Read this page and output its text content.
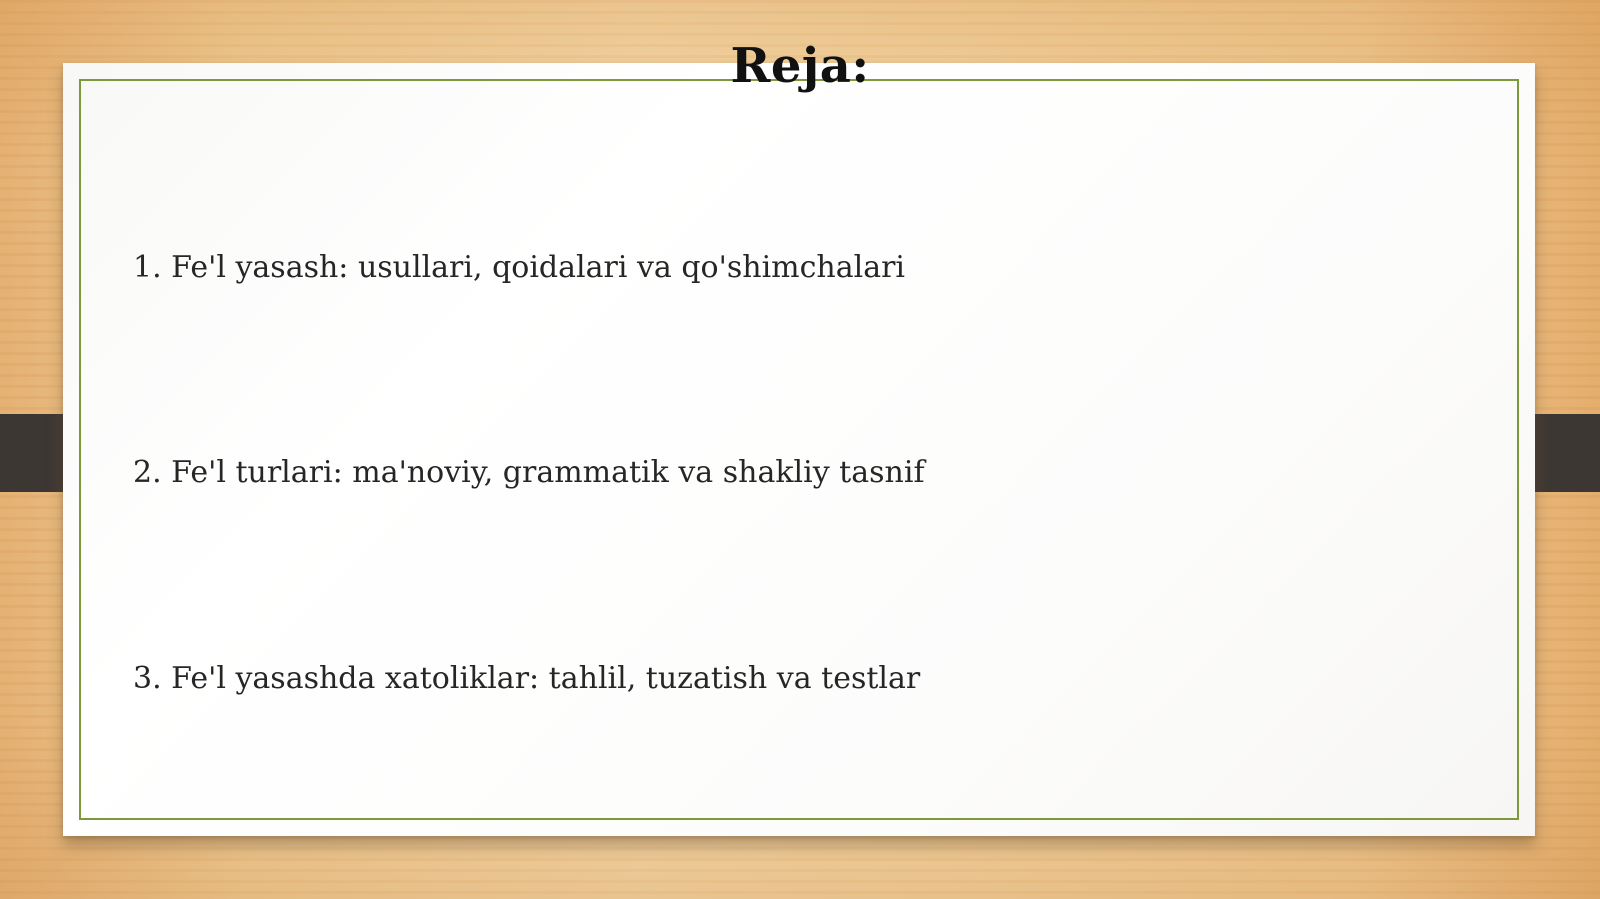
Reja:
1. Fe'l yasash: usullari, qoidalari va qo'shimchalari
2. Fe'l turlari: ma'noviy, grammatik va shakliy tasnif
3. Fe'l yasashda xatoliklar: tahlil, tuzatish va testlar
